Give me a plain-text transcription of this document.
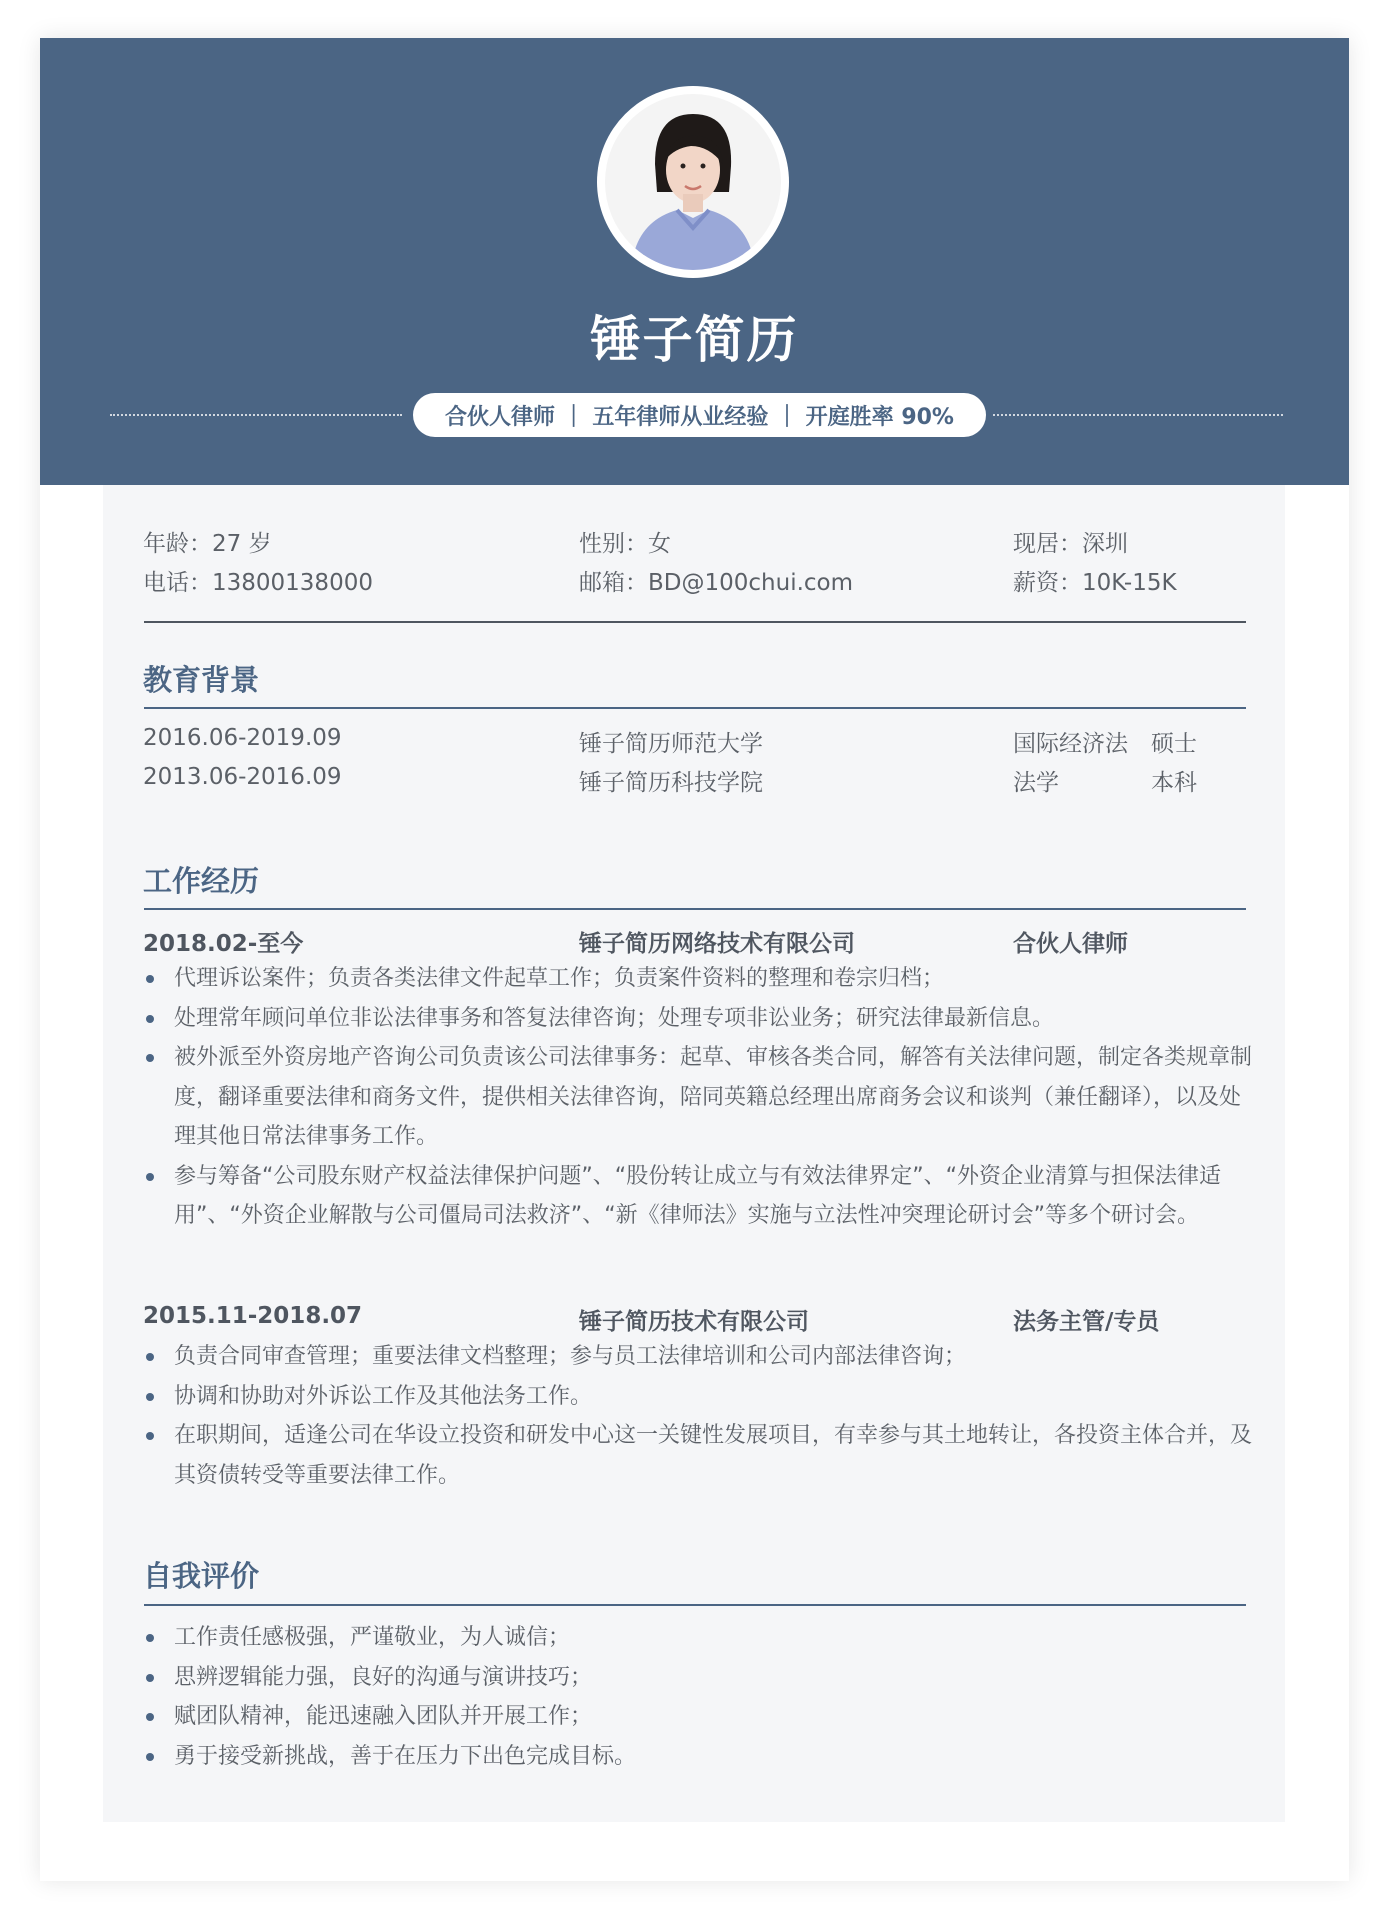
锤子简历
合伙人律师 ｜ 五年律师从业经验 ｜ 开庭胜率 90%
年龄：27 岁	性别：女	现居：深圳
电话：13800138000	邮箱：BD@100chui.com	薪资：10K-15K
教育背景
2016.06-2019.09	锤子简历师范大学	国际经济法 硕士
2013.06-2016.09	锤子简历科技学院	法学	本科
工作经历
2018.02-至今	锤子简历网络技术有限公司	合伙人律师
代理诉讼案件；负责各类法律文件起草工作；负责案件资料的整理和卷宗归档；
处理常年顾问单位非讼法律事务和答复法律咨询；处理专项非讼业务；研究法律最新信息。
被外派至外资房地产咨询公司负责该公司法律事务：起草、审核各类合同，解答有关法律问题，制定各类规章制度，翻译重要法律和商务文件，提供相关法律咨询，陪同英籍总经理出席商务会议和谈判（兼任翻译），以及处理其他日常法律事务工作。
参与筹备“公司股东财产权益法律保护问题”、“股份转让成立与有效法律界定”、“外资企业清算与担保法律适用”、“外资企业解散与公司僵局司法救济”、“新《律师法》实施与立法性冲突理论研讨会”等多个研讨会。
2015.11-2018.07	锤子简历技术有限公司	法务主管/专员
负责合同审查管理；重要法律文档整理；参与员工法律培训和公司内部法律咨询；
协调和协助对外诉讼工作及其他法务工作。
在职期间，适逢公司在华设立投资和研发中心这一关键性发展项目，有幸参与其土地转让，各投资主体合并，及其资债转受等重要法律工作。
自我评价
工作责任感极强，严谨敬业，为人诚信；
思辨逻辑能力强，良好的沟通与演讲技巧；
赋团队精神，能迅速融入团队并开展工作；
勇于接受新挑战，善于在压力下出色完成目标。
